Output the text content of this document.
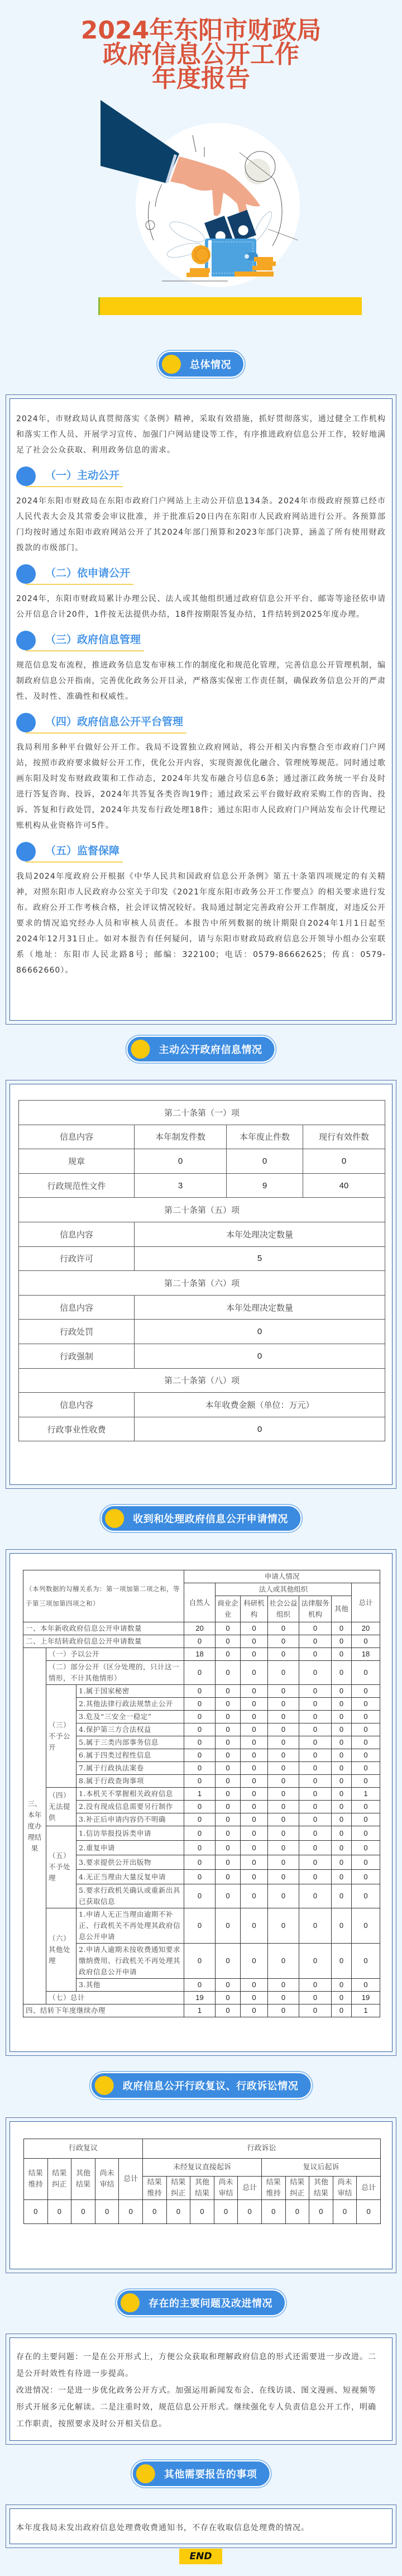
2024年东阳市财政局
政府信息公开工作
年度报告
总体情况

2024年，市财政局认真贯彻落实《条例》精神，采取有效措施，抓好贯彻落实，通过健全工作机构和落实工作人员、开展学习宣传、加强门户网站建设等工作，有序推进政府信息公开工作，较好地满足了社会公众获取、利用政务信息的需求。

（一）主动公开

2024年东阳市财政局在东阳市政府门户网站上主动公开信息134条。2024年市级政府预算已经市人民代表大会及其常委会审议批准，并于批准后20日内在东阳市人民政府网站进行公开。各预算部门均按时通过东阳市政府网站公开了其2024年部门预算和2023年部门决算，涵盖了所有使用财政拨款的市级部门。

（二）依申请公开

2024年，东阳市财政局累计办理公民、法人或其他组织通过政府信息公开平台、邮寄等途径依申请公开信息合计20件，1件按无法提供办结，18件按期限答复办结，1件结转到2025年度办理。

（三）政府信息管理

规范信息发布流程，推进政务信息发布审核工作的制度化和规范化管理，完善信息公开管理机制，编制政府信息公开指南，完善优化政务公开目录，严格落实保密工作责任制，确保政务信息公开的严肃性、及时性、准确性和权威性。

（四）政府信息公开平台管理

我局利用多种平台做好公开工作。我局不设置独立政府网站，将公开相关内容整合至市政府门户网站，按照市政府要求做好公开工作，优化公开内容，实现资源优化融合、管理统筹规范。同时通过歌画东阳及时发布财政政策和工作动态，2024年共发布融合号信息6条；通过浙江政务统一平台及时进行答复咨询、投诉，2024年共答复各类咨询19件；通过政采云平台做好政府采购工作的咨询、投诉、答复和行政处罚，2024年共发布行政处理18件；通过东阳市人民政府门户网站发布会计代理记账机构从业资格许可5件。

（五）监督保障

我局2024年度政府公开根据《中华人民共和国政府信息公开条例》第五十条第四项规定的有关精神，对照东阳市人民政府办公室关于印发《2021年度东阳市政务公开工作要点》的相关要求进行发布。政府公开工作考核合格，社会评议情况较好。我局通过制定完善政府公开工作制度，对违反公开要求的情况追究经办人员和审核人员责任。本报告中所列数据的统计期限自2024年1月1日起至2024年12月31日止。如对本报告有任何疑问，请与东阳市财政局政府信息公开领导小组办公室联系（地址：东阳市人民北路8号；邮编：322100；电话：0579-86662625；传真：0579-86662660）。

主动公开政府信息情况
第二十条第（一）项			
信息内容	本年制发件数	本年废止件数	现行有效件数
规章	0	0	0
行政规范性文件	3	9	40
第二十条第（五）项			
信息内容	本年处理决定数量		
行政许可	5		
第二十条第（六）项			
信息内容	本年处理决定数量		
行政处罚	0		
行政强制	0		
第二十条第（八）项			
信息内容	本年收费金额（单位：万元）		
行政事业性收费	0		
收到和处理政府信息公开申请情况
（本列数据的勾稽关系为：第一项加第二项之和，等于第三项加第四项之和）			申请人情况						
			自然人	法人或其他组织					总计
				商业企业	科研机构	社会公益组织	法律服务机构	其他	
一、本年新收政府信息公开申请数量			20	0	0	0	0	0	20
二、上年结转政府信息公开申请数量			0	0	0	0	0	0	0
三、本年度办理结果	（一）予以公开		18	0	0	0	0	0	18
	（二）部分公开（区分处理的，只计这一情形，不计其他情形）		0	0	0	0	0	0	0
	（三）不予公开	1.属于国家秘密	0	0	0	0	0	0	0
		2.其他法律行政法规禁止公开	0	0	0	0	0	0	0
		3.危及“三安全一稳定”	0	0	0	0	0	0	0
		4.保护第三方合法权益	0	0	0	0	0	0	0
		5.属于三类内部事务信息	0	0	0	0	0	0	0
		6.属于四类过程性信息	0	0	0	0	0	0	0
		7.属于行政执法案卷	0	0	0	0	0	0	0
		8.属于行政查询事项	0	0	0	0	0	0	0
	（四）无法提供	1.本机关不掌握相关政府信息	1	0	0	0	0	0	1
		2.没有现成信息需要另行制作	0	0	0	0	0	0	0
		3.补正后申请内容仍不明确	0	0	0	0	0	0	0
	（五）不予处理	1.信访举报投诉类申请	0	0	0	0	0	0	0
		2.重复申请	0	0	0	0	0	0	0
		3.要求提供公开出版物	0	0	0	0	0	0	0
		4.无正当理由大量反复申请	0	0	0	0	0	0	0
		5.要求行政机关确认或重新出具已获取信息	0	0	0	0	0	0	0
	（六）其他处理	1.申请人无正当理由逾期不补正、行政机关不再处理其政府信息公开申请	0	0	0	0	0	0	0
		2.申请人逾期未按收费通知要求缴纳费用、行政机关不再处理其政府信息公开申请	0	0	0	0	0	0	0
		3.其他	0	0	0	0	0	0	0
	（七）总计		19	0	0	0	0	0	19
四、结转下年度继续办理			1	0	0	0	0	0	1
政府信息公开行政复议、行政诉讼情况
行政复议					行政诉讼									
结果维持	结果纠正	其他结果	尚未审结	总计	未经复议直接起诉					复议后起诉				
					结果维持	结果纠正	其他结果	尚未审结	总计	结果维持	结果纠正	其他结果	尚未审结	总计
0	0	0	0	0	0	0	0	0	0	0	0	0	0	0
存在的主要问题及改进情况

存在的主要问题：一是在公开形式上，方便公众获取和理解政府信息的形式还需要进一步改进。二是公开时效性有待进一步提高。

改进情况：一是进一步优化政务公开方式。加强运用新闻发布会、在线访谈、图文漫画、短视频等形式开展多元化解读。二是注重时效，规范信息公开形式。继续强化专人负责信息公开工作，明确工作职责，按照要求及时公开相关信息。

其他需要报告的事项

本年度我局未发出政府信息处理费收费通知书，不存在收取信息处理费的情况。

END
